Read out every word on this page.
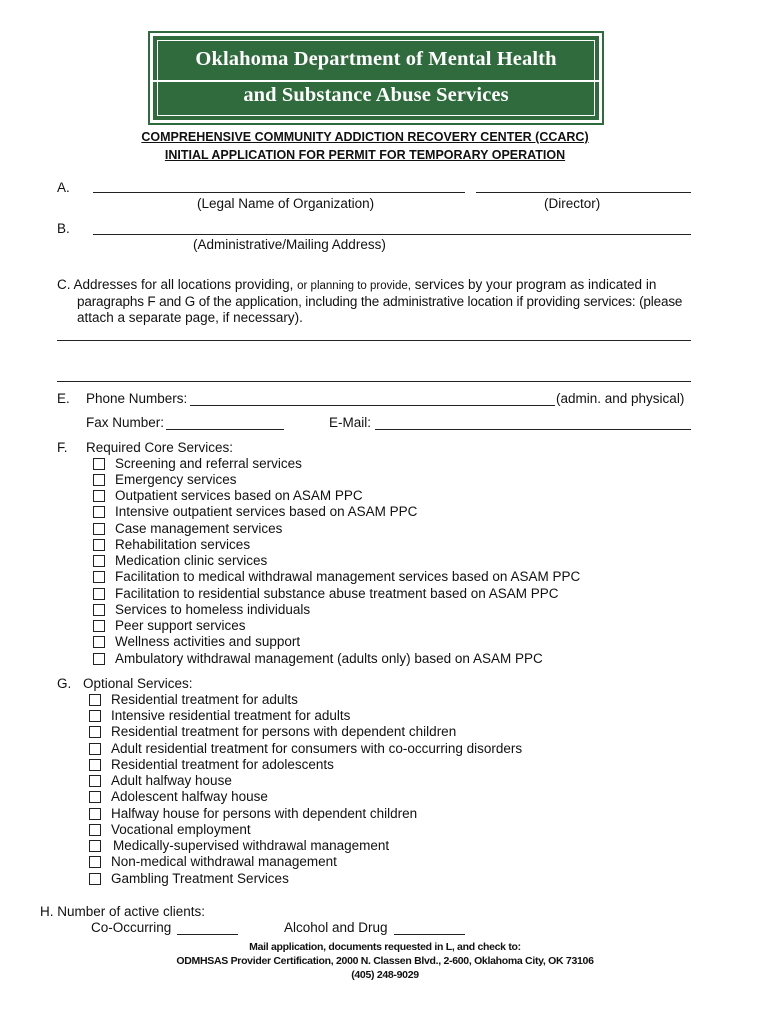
Oklahoma Department of Mental Health
and Substance Abuse Services
COMPREHENSIVE COMMUNITY ADDICTION RECOVERY CENTER (CCARC)
INITIAL APPLICATION FOR PERMIT FOR TEMPORARY OPERATION
A.
(Legal Name of Organization)	(Director)
B.
(Administrative/Mailing Address)
C. Addresses for all locations providing, or planning to provide, services by your program as indicated in
paragraphs F and G of the application, including the administrative location if providing services: (please
attach a separate page, if necessary).
E. Phone Numbers:	(admin. and physical)
Fax Number:	E-Mail:
F. Required Core Services:
Screening and referral services
Emergency services
Outpatient services based on ASAM PPC
Intensive outpatient services based on ASAM PPC
Case management services
Rehabilitation services
Medication clinic services
Facilitation to medical withdrawal management services based on ASAM PPC
Facilitation to residential substance abuse treatment based on ASAM PPC
Services to homeless individuals
Peer support services
Wellness activities and support
Ambulatory withdrawal management (adults only) based on ASAM PPC
G. Optional Services:
Residential treatment for adults
Intensive residential treatment for adults
Residential treatment for persons with dependent children
Adult residential treatment for consumers with co-occurring disorders
Residential treatment for adolescents
Adult halfway house
Adolescent halfway house
Halfway house for persons with dependent children
Vocational employment
Medically-supervised withdrawal management
Non-medical withdrawal management
Gambling Treatment Services
H. Number of active clients:
Co-Occurring	Alcohol and Drug
Mail application, documents requested in L, and check to:
ODMHSAS Provider Certification, 2000 N. Classen Blvd., 2-600, Oklahoma City, OK 73106
(405) 248-9029
